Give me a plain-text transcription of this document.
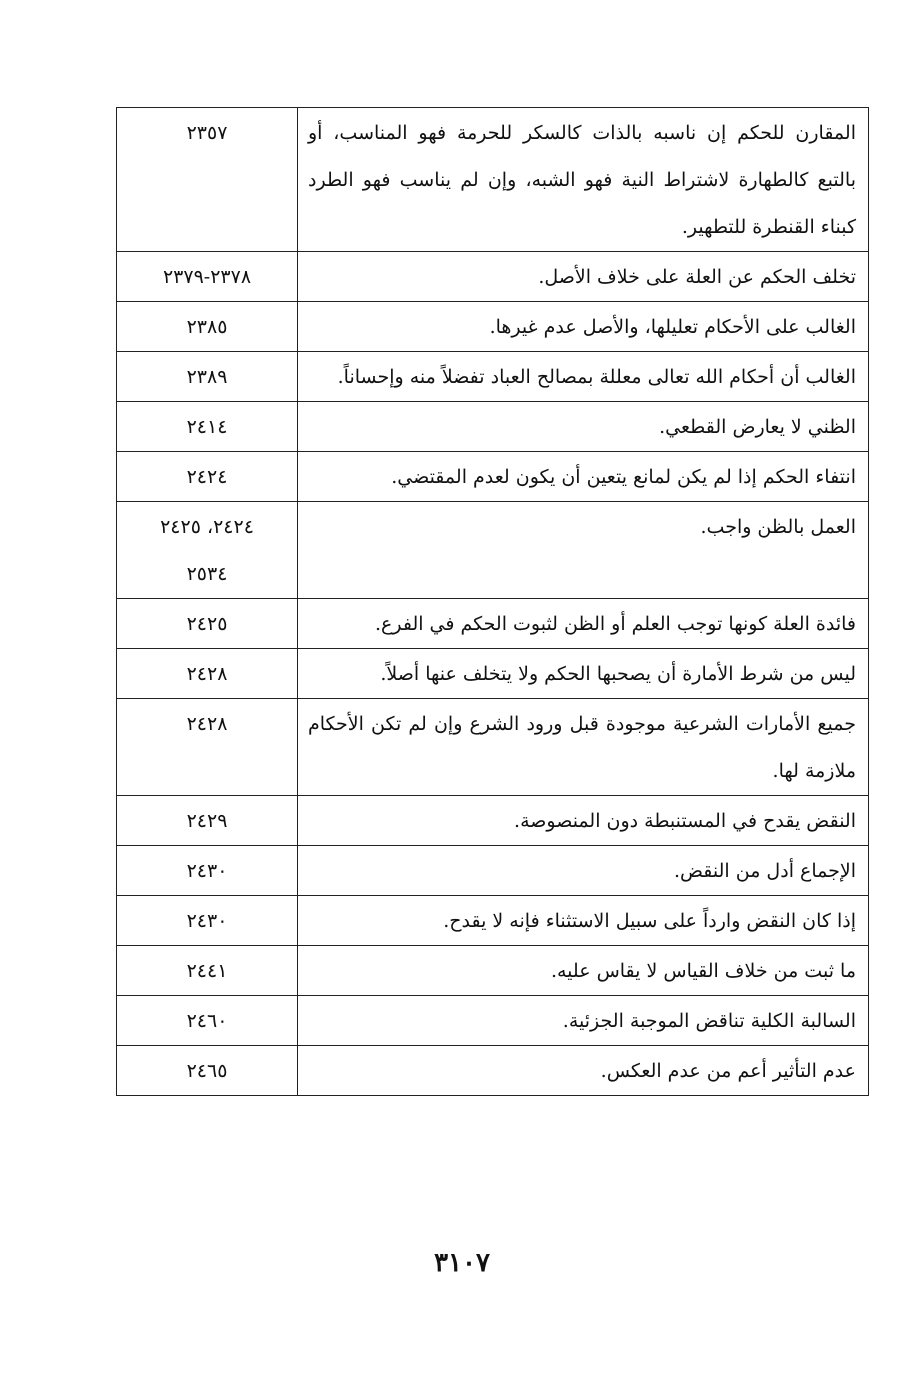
المقارن للحكم إن ناسبه بالذات كالسكر للحرمة فهو المناسب، أو بالتبع كالطهارة لاشتراط النية فهو الشبه، وإن لم يناسب فهو الطرد كبناء القنطرة للتطهير.	٢٣٥٧

تخلف الحكم عن العلة على خلاف الأصل.	٢٣٧٨-٢٣٧٩

الغالب على الأحكام تعليلها، والأصل عدم غيرها.	٢٣٨٥

الغالب أن أحكام الله تعالى معللة بمصالح العباد تفضلاً منه وإحساناً.	٢٣٨٩

الظني لا يعارض القطعي.	٢٤١٤

انتفاء الحكم إذا لم يكن لمانع يتعين أن يكون لعدم المقتضي.	٢٤٢٤

العمل بالظن واجب.	٢٤٢٤، ٢٤٢٥
٢٥٣٤

فائدة العلة كونها توجب العلم أو الظن لثبوت الحكم في الفرع.	٢٤٢٥

ليس من شرط الأمارة أن يصحبها الحكم ولا يتخلف عنها أصلاً.	٢٤٢٨

جميع الأمارات الشرعية موجودة قبل ورود الشرع وإن لم تكن الأحكام ملازمة لها.	٢٤٢٨

النقض يقدح في المستنبطة دون المنصوصة.	٢٤٢٩

الإجماع أدل من النقض.	٢٤٣٠

إذا كان النقض وارداً على سبيل الاستثناء فإنه لا يقدح.	٢٤٣٠

ما ثبت من خلاف القياس لا يقاس عليه.	٢٤٤١

السالبة الكلية تناقض الموجبة الجزئية.	٢٤٦٠

عدم التأثير أعم من عدم العكس.	٢٤٦٥
٣١٠٧
